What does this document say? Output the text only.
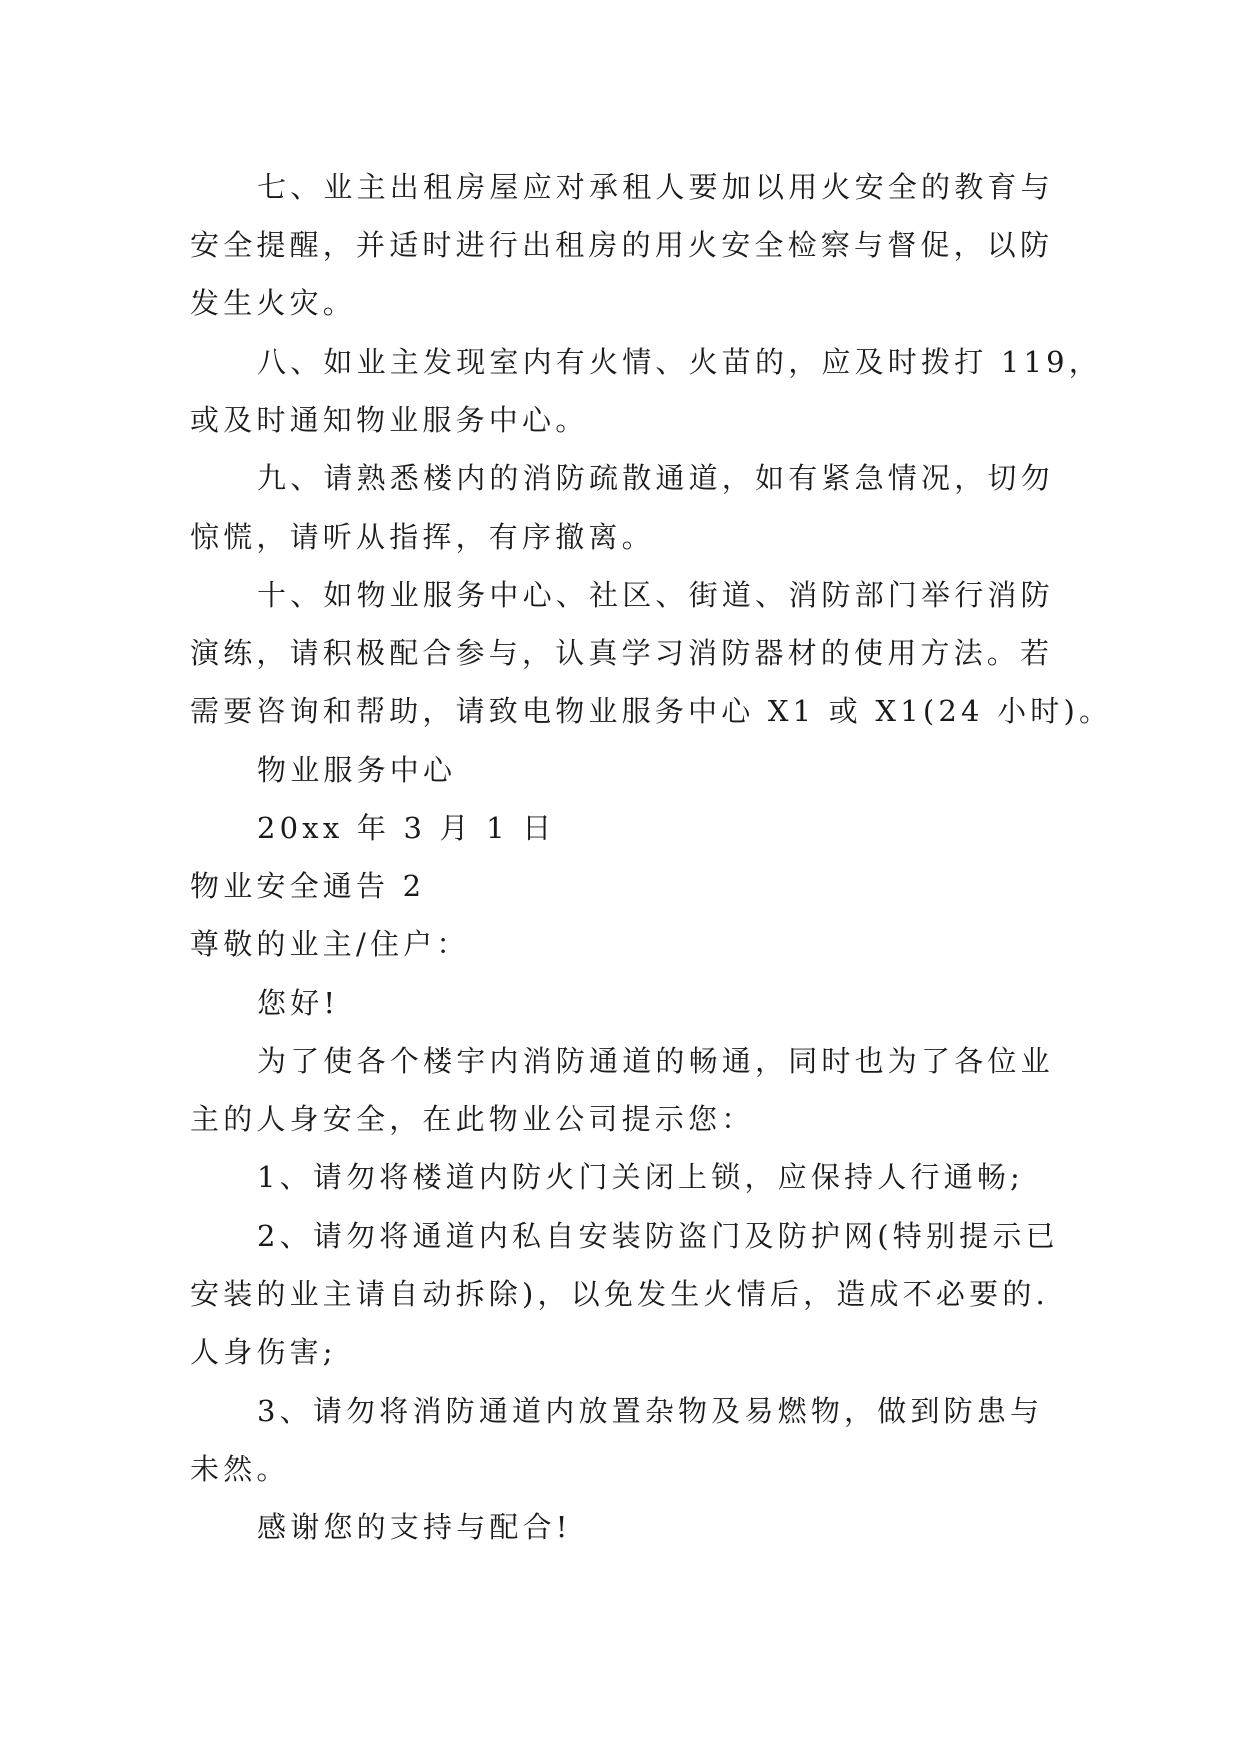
七、业主出租房屋应对承租人要加以用火安全的教育与
安全提醒，并适时进行出租房的用火安全检察与督促，以防
发生火灾。
八、如业主发现室内有火情、火苗的，应及时拨打 119，
或及时通知物业服务中心。
九、请熟悉楼内的消防疏散通道，如有紧急情况，切勿
惊慌，请听从指挥，有序撤离。
十、如物业服务中心、社区、街道、消防部门举行消防
演练，请积极配合参与，认真学习消防器材的使用方法。若
需要咨询和帮助，请致电物业服务中心 X1 或 X1(24 小时)。
物业服务中心
20xx 年 3 月 1 日
物业安全通告 2
尊敬的业主/住户：
您好!
为了使各个楼宇内消防通道的畅通，同时也为了各位业
主的人身安全，在此物业公司提示您：
1、请勿将楼道内防火门关闭上锁，应保持人行通畅;
2、请勿将通道内私自安装防盗门及防护网(特别提示已
安装的业主请自动拆除)，以免发生火情后，造成不必要的.
人身伤害;
3、请勿将消防通道内放置杂物及易燃物，做到防患与
未然。
感谢您的支持与配合!
